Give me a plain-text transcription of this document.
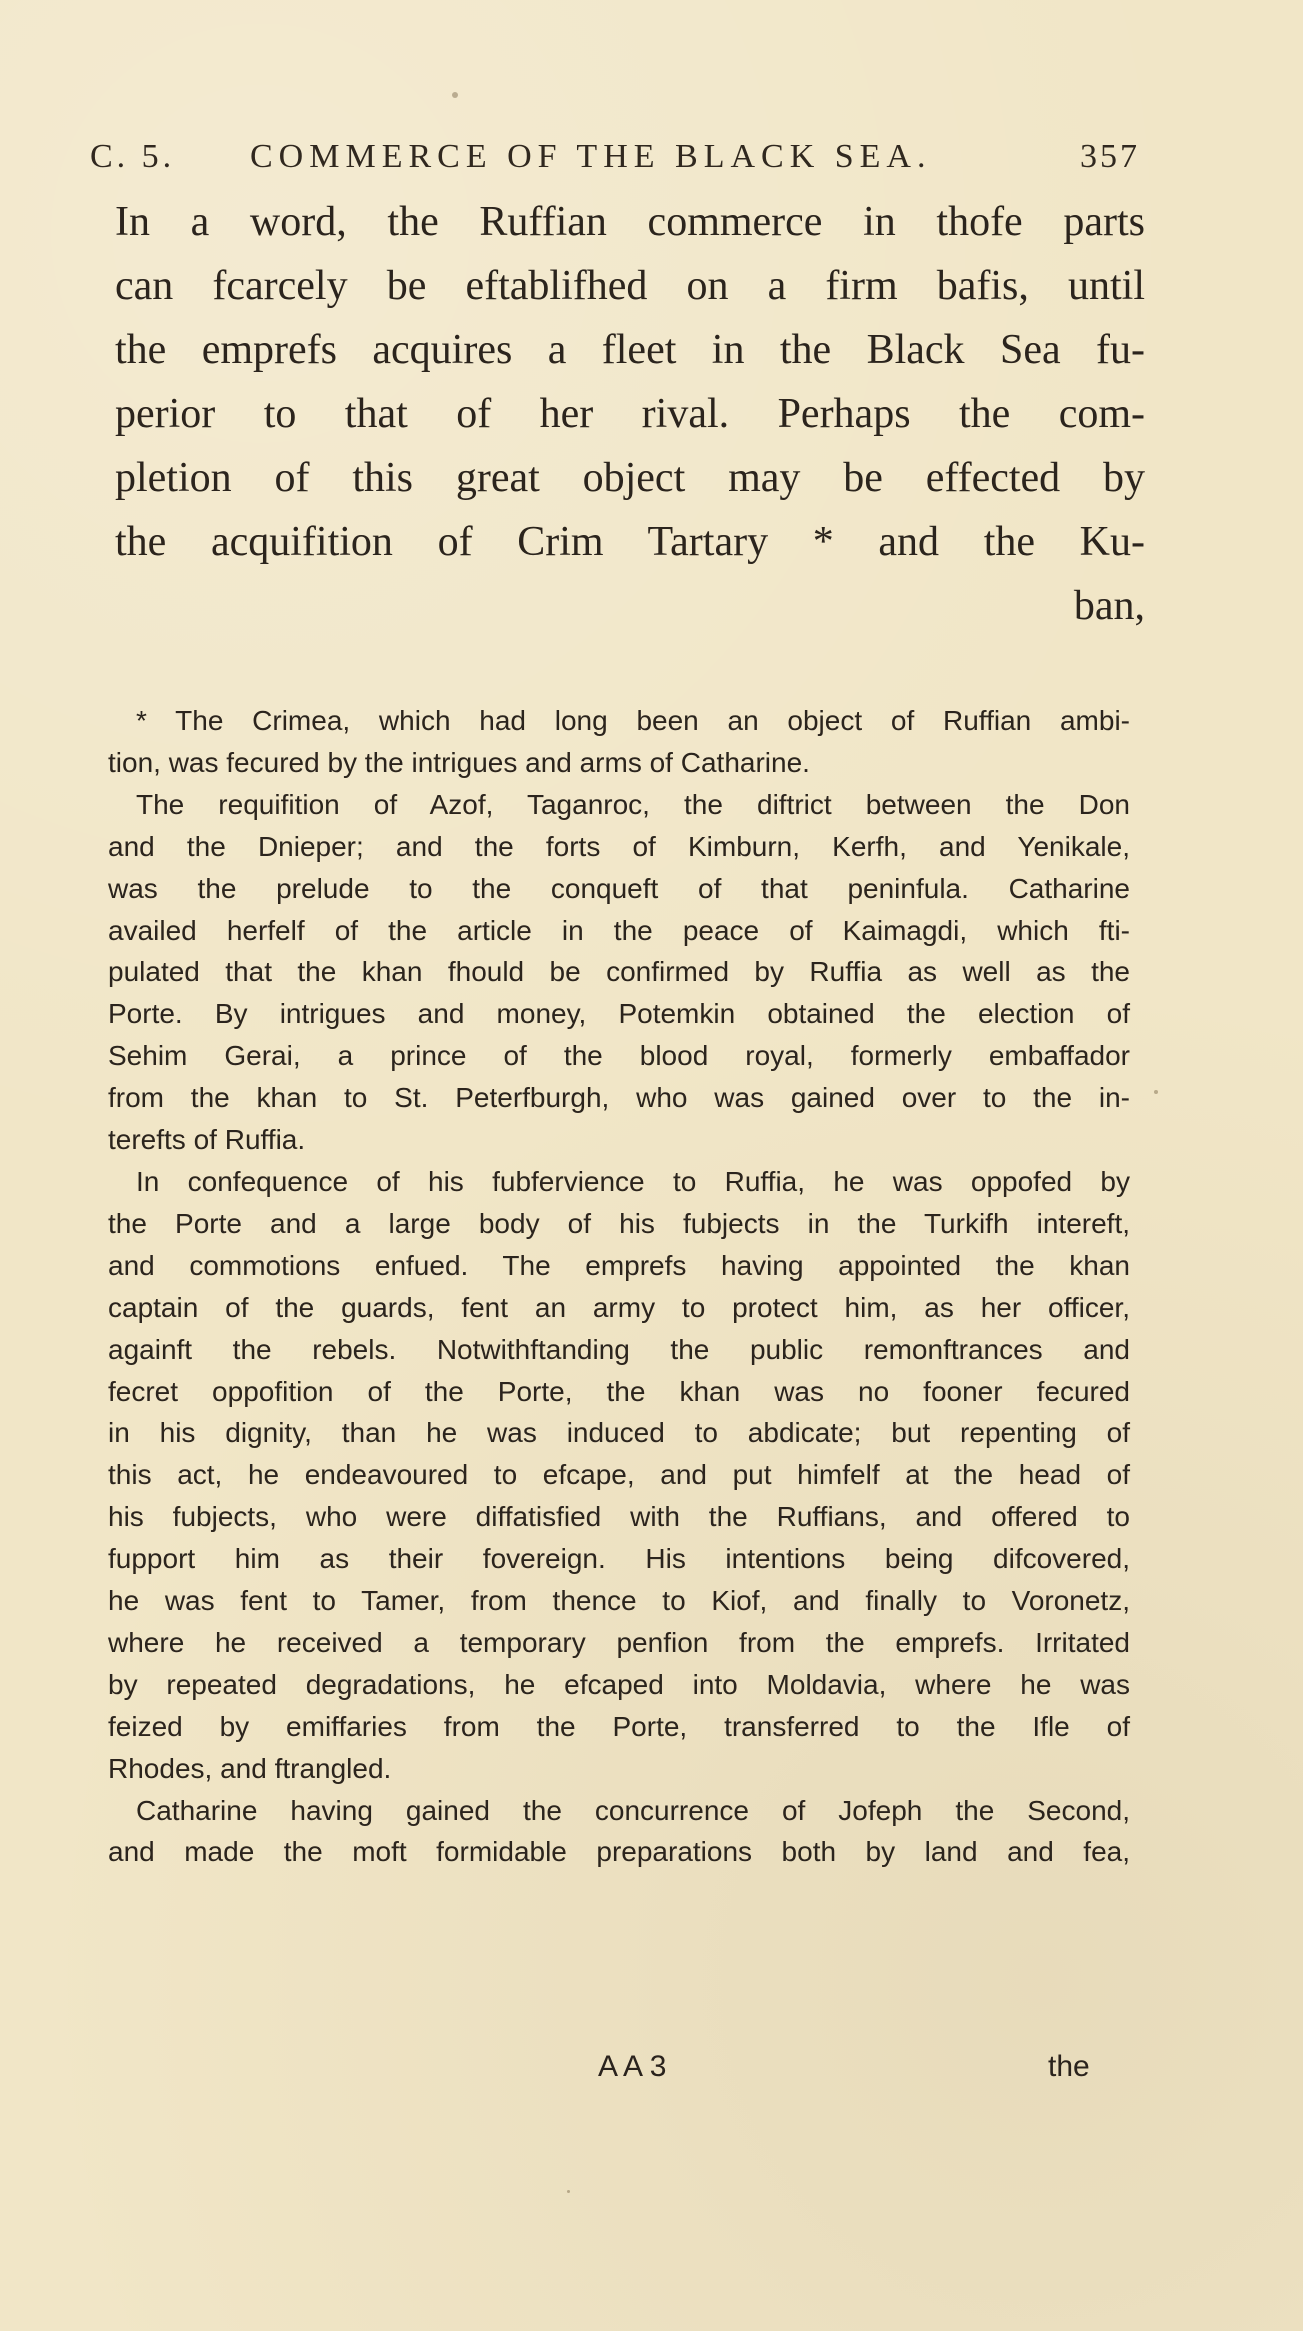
C. 5. COMMERCE OF THE BLACK SEA.	357
In a word, the Ruffian commerce in thofe parts
can fcarcely be eftablifhed on a firm bafis, until
the emprefs acquires a fleet in the Black Sea fu-
perior to that of her rival. Perhaps the com-
pletion of this great object may be effected by
the acquifition of Crim Tartary * and the Ku-
ban,
* The Crimea, which had long been an object of Ruffian ambi-
tion, was fecured by the intrigues and arms of Catharine.
The requifition of Azof, Taganroc, the diftrict between the Don
and the Dnieper; and the forts of Kimburn, Kerfh, and Yenikale,
was the prelude to the conqueft of that peninfula. Catharine
availed herfelf of the article in the peace of Kaimagdi, which fti-
pulated that the khan fhould be confirmed by Ruffia as well as the
Porte. By intrigues and money, Potemkin obtained the election of
Sehim Gerai, a prince of the blood royal, formerly embaffador
from the khan to St. Peterfburgh, who was gained over to the in-
terefts of Ruffia.
In confequence of his fubfervience to Ruffia, he was oppofed by
the Porte and a large body of his fubjects in the Turkifh intereft,
and commotions enfued. The emprefs having appointed the khan
captain of the guards, fent an army to protect him, as her officer,
againft the rebels. Notwithftanding the public remonftrances and
fecret oppofition of the Porte, the khan was no fooner fecured
in his dignity, than he was induced to abdicate; but repenting of
this act, he endeavoured to efcape, and put himfelf at the head of
his fubjects, who were diffatisfied with the Ruffians, and offered to
fupport him as their fovereign. His intentions being difcovered,
he was fent to Tamer, from thence to Kiof, and finally to Voronetz,
where he received a temporary penfion from the emprefs. Irritated
by repeated degradations, he efcaped into Moldavia, where he was
feized by emiffaries from the Porte, transferred to the Ifle of
Rhodes, and ftrangled.
Catharine having gained the concurrence of Jofeph the Second,
and made the moft formidable preparations both by land and fea,
A A 3	the
